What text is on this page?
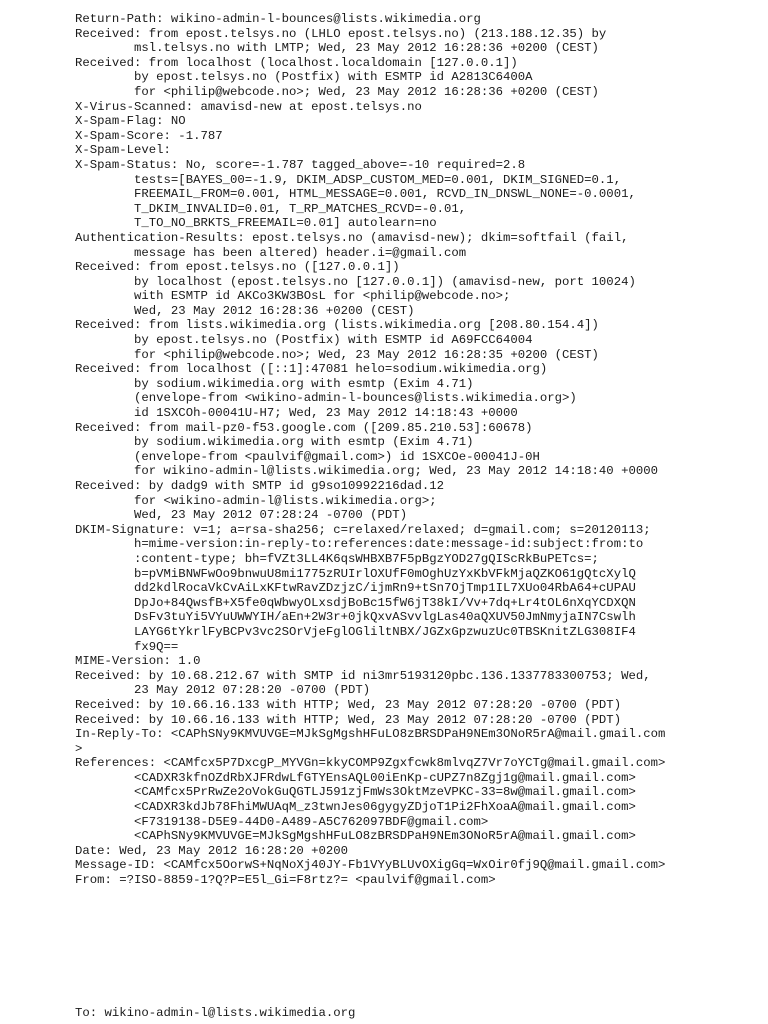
Return-Path: wikino-admin-l-bounces@lists.wikimedia.org
Received: from epost.telsys.no (LHLO epost.telsys.no) (213.188.12.35) by
msl.telsys.no with LMTP; Wed, 23 May 2012 16:28:36 +0200 (CEST)
Received: from localhost (localhost.localdomain [127.0.0.1])
by epost.telsys.no (Postfix) with ESMTP id A2813C6400A
for <philip@webcode.no>; Wed, 23 May 2012 16:28:36 +0200 (CEST)
X-Virus-Scanned: amavisd-new at epost.telsys.no
X-Spam-Flag: NO
X-Spam-Score: -1.787
X-Spam-Level:
X-Spam-Status: No, score=-1.787 tagged_above=-10 required=2.8
tests=[BAYES_00=-1.9, DKIM_ADSP_CUSTOM_MED=0.001, DKIM_SIGNED=0.1,
FREEMAIL_FROM=0.001, HTML_MESSAGE=0.001, RCVD_IN_DNSWL_NONE=-0.0001,
T_DKIM_INVALID=0.01, T_RP_MATCHES_RCVD=-0.01,
T_TO_NO_BRKTS_FREEMAIL=0.01] autolearn=no
Authentication-Results: epost.telsys.no (amavisd-new); dkim=softfail (fail,
message has been altered) header.i=@gmail.com
Received: from epost.telsys.no ([127.0.0.1])
by localhost (epost.telsys.no [127.0.0.1]) (amavisd-new, port 10024)
with ESMTP id AKCo3KW3BOsL for <philip@webcode.no>;
Wed, 23 May 2012 16:28:36 +0200 (CEST)
Received: from lists.wikimedia.org (lists.wikimedia.org [208.80.154.4])
by epost.telsys.no (Postfix) with ESMTP id A69FCC64004
for <philip@webcode.no>; Wed, 23 May 2012 16:28:35 +0200 (CEST)
Received: from localhost ([::1]:47081 helo=sodium.wikimedia.org)
by sodium.wikimedia.org with esmtp (Exim 4.71)
(envelope-from <wikino-admin-l-bounces@lists.wikimedia.org>)
id 1SXCOh-00041U-H7; Wed, 23 May 2012 14:18:43 +0000
Received: from mail-pz0-f53.google.com ([209.85.210.53]:60678)
by sodium.wikimedia.org with esmtp (Exim 4.71)
(envelope-from <paulvif@gmail.com>) id 1SXCOe-00041J-0H
for wikino-admin-l@lists.wikimedia.org; Wed, 23 May 2012 14:18:40 +0000
Received: by dadg9 with SMTP id g9so10992216dad.12
for <wikino-admin-l@lists.wikimedia.org>;
Wed, 23 May 2012 07:28:24 -0700 (PDT)
DKIM-Signature: v=1; a=rsa-sha256; c=relaxed/relaxed; d=gmail.com; s=20120113;
h=mime-version:in-reply-to:references:date:message-id:subject:from:to
:content-type; bh=fVZt3LL4K6qsWHBXB7F5pBgzYOD27gQIScRkBuPETcs=;
b=pVMiBNWFwOo9bnwuU8mi1775zRUIrlOXUfF0mOghUzYxKbVFkMjaQZKO61gQtcXylQ
dd2kdlRocaVkCvAiLxKFtwRavZDzjzC/ijmRn9+tSn7OjTmp1IL7XUo04RbA64+cUPAU
DpJo+84QwsfB+X5fe0qWbwyOLxsdjBoBc15fW6jT38kI/Vv+7dq+Lr4tOL6nXqYCDXQN
DsFv3tuYi5VYuUWWYIH/aEn+2W3r+0jkQxvASvvlgLas40aQXUV50JmNmyjaIN7Cswlh
LAYG6tYkrlFyBCPv3vc2SOrVjeFglOGliltNBX/JGZxGpzwuzUc0TBSKnitZLG308IF4
fx9Q==
MIME-Version: 1.0
Received: by 10.68.212.67 with SMTP id ni3mr5193120pbc.136.1337783300753; Wed,
23 May 2012 07:28:20 -0700 (PDT)
Received: by 10.66.16.133 with HTTP; Wed, 23 May 2012 07:28:20 -0700 (PDT)
Received: by 10.66.16.133 with HTTP; Wed, 23 May 2012 07:28:20 -0700 (PDT)
In-Reply-To: <CAPhSNy9KMVUVGE=MJkSgMgshHFuLO8zBRSDPaH9NEm3ONoR5rA@mail.gmail.com
>
References: <CAMfcx5P7DxcgP_MYVGn=kkyCOMP9Zgxfcwk8mlvqZ7Vr7oYCTg@mail.gmail.com>
<CADXR3kfnOZdRbXJFRdwLfGTYEnsAQL00iEnKp-cUPZ7n8Zgj1g@mail.gmail.com>
<CAMfcx5PrRwZe2oVokGuQGTLJ591zjFmWs3OktMzeVPKC-33=8w@mail.gmail.com>
<CADXR3kdJb78FhiMWUAqM_z3twnJes06gygyZDjoT1Pi2FhXoaA@mail.gmail.com>
<F7319138-D5E9-44D0-A489-A5C762097BDF@gmail.com>
<CAPhSNy9KMVUVGE=MJkSgMgshHFuLO8zBRSDPaH9NEm3ONoR5rA@mail.gmail.com>
Date: Wed, 23 May 2012 16:28:20 +0200
Message-ID: <CAMfcx5OorwS+NqNoXj40JY-Fb1VYyBLUvOXigGq=WxOir0fj9Q@mail.gmail.com>
From: =?ISO-8859-1?Q?P=E5l_Gi=F8rtz?= <paulvif@gmail.com>
To: wikino-admin-l@lists.wikimedia.org
